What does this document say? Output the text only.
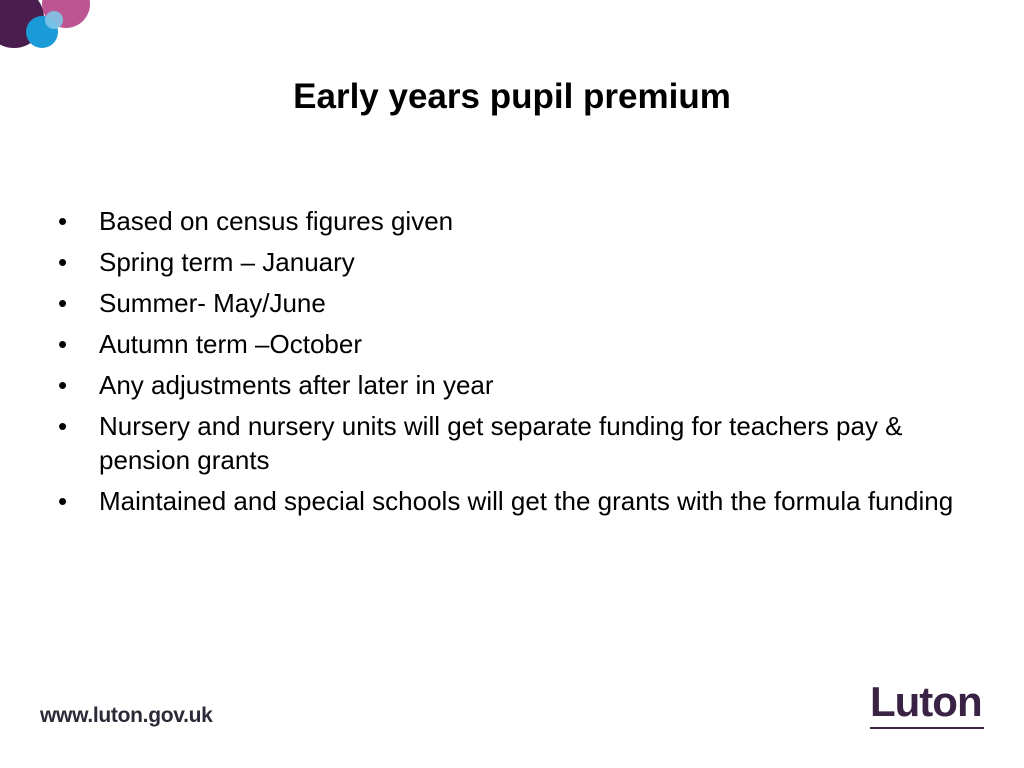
Early years pupil premium
• Based on census figures given
• Spring term – January
• Summer- May/June
• Autumn term –October
• Any adjustments after later in year
• Nursery and nursery units will get separate funding for teachers pay & pension grants
• Maintained and special schools will get the grants with the formula funding
www.luton.gov.uk	Luton
